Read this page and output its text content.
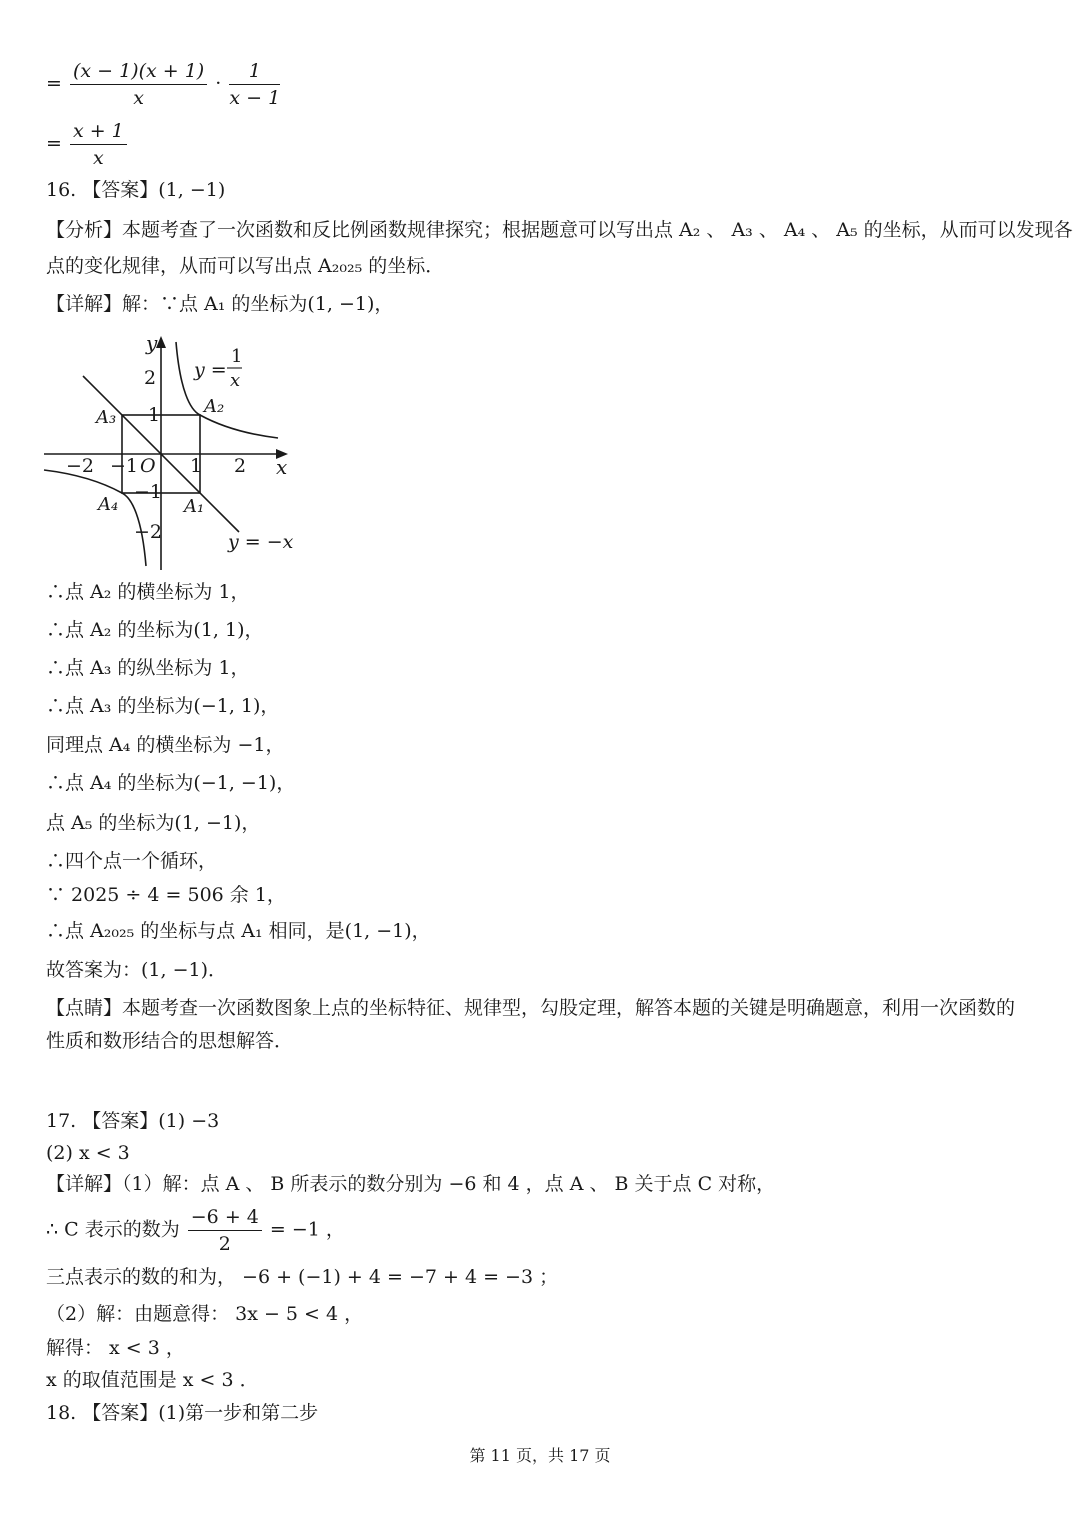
= $\frac{(x - 1)(x + 1)}{x} \cdot \frac{1}{x - 1}$
= $\frac{x + 1}{x}$
16. 【答案】(1, −1)
【分析】本题考查了一次函数和反比例函数规律探究；根据题意可以写出点 A₂ 、 A₃ 、 A₄ 、 A₅ 的坐标，从而可以发现各
点的变化规律，从而可以写出点 A₂₀₂₅ 的坐标．
【详解】解：∵点 A₁ 的坐标为(1, −1)，
−2 −1	1 2
2
1
−1
−2
O	x
y
A₂
A₃
A₄	A₁
y =
1
x
y = −x
∴点 A₂ 的横坐标为 1，
∴点 A₂ 的坐标为(1, 1)，
∴点 A₃ 的纵坐标为 1，
∴点 A₃ 的坐标为(−1, 1)，
同理点 A₄ 的横坐标为 −1，
∴点 A₄ 的坐标为(−1, −1)，
点 A₅ 的坐标为(1, −1)，
∴四个点一个循环，
∵ 2025 ÷ 4 = 506 余 1，
∴点 A₂₀₂₅ 的坐标与点 A₁ 相同，是(1, −1)，
故答案为：(1, −1)．
【点睛】本题考查一次函数图象上点的坐标特征、规律型，勾股定理，解答本题的关键是明确题意，利用一次函数的
性质和数形结合的思想解答．
17. 【答案】(1) −3
(2) x < 3
【详解】（1）解：点 A 、 B 所表示的数分别为 −6 和 4 ，点 A 、 B 关于点 C 对称，
∴ C 表示的数为 $\frac{-6 + 4}{2} = -1$ ，
三点表示的数的和为， −6 + (−1) + 4 = −7 + 4 = −3 ；
（2）解：由题意得： 3x − 5 < 4 ，
解得： x < 3 ，
x 的取值范围是 x < 3 ．
18. 【答案】(1)第一步和第二步
第 11 页，共 17 页
